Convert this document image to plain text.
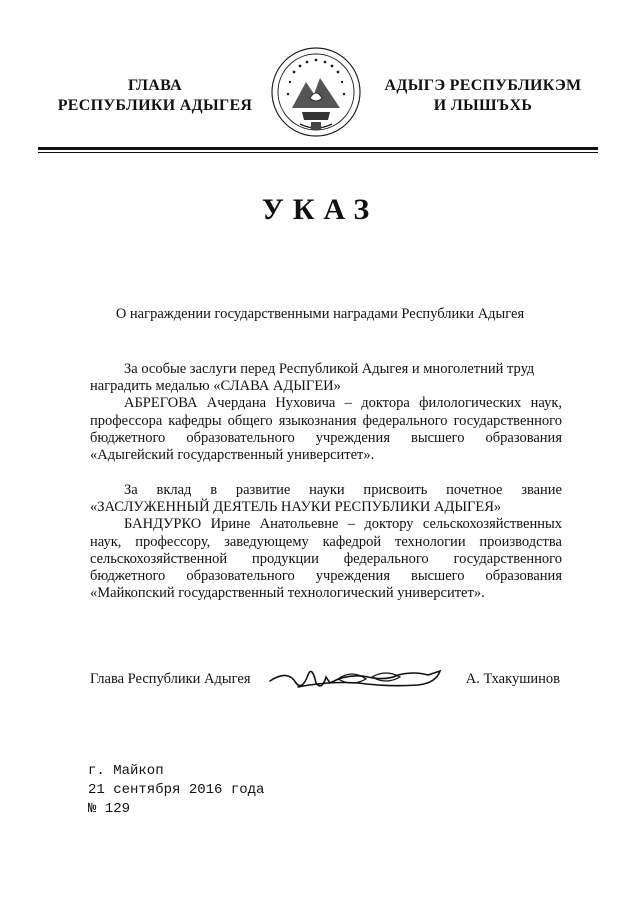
ГЛАВА
РЕСПУБЛИКИ АДЫГЕЯ
АДЫГЭ РЕСПУБЛИКЭМ
И ЛЫШЪХЬ
УКАЗ
О награждении государственными наградами Республики Адыгея

За особые заслуги перед Республикой Адыгея и многолетний труд

наградить медалью «СЛАВА АДЫГЕИ»

АБРЕГОВА Ачердана Нуховича – доктора филологических наук, профессора кафедры общего языкознания федерального государственного бюджетного образовательного учреждения высшего образования «Адыгейский государственный университет».

За вклад в развитие науки присвоить почетное звание

«ЗАСЛУЖЕННЫЙ ДЕЯТЕЛЬ НАУКИ РЕСПУБЛИКИ АДЫГЕЯ»

БАНДУРКО Ирине Анатольевне – доктору сельскохозяйственных наук, профессору, заведующему кафедрой технологии производства сельскохозяйственной продукции федерального государственного бюджетного образовательного учреждения высшего образования «Майкопский государственный технологический университет».

Глава Республики Адыгея	А. Тхакушинов
г. Майкоп
21 сентября 2016 года
№ 129
